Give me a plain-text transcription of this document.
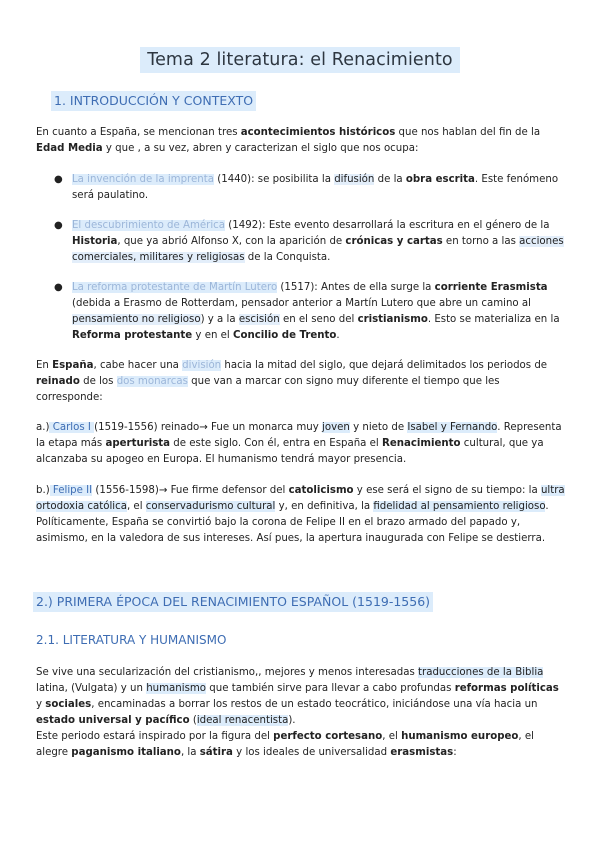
Tema 2 literatura: el Renacimiento
1. INTRODUCCIÓN Y CONTEXTO
En cuanto a España, se mencionan tres acontecimientos históricos que nos hablan del fin de la Edad Media y que , a su vez, abren y caracterizan el siglo que nos ocupa:
● La invención de la imprenta (1440): se posibilita la difusión de la obra escrita. Este fenómeno será paulatino.
● El descubrimiento de América (1492): Este evento desarrollará la escritura en el género de la Historia, que ya abrió Alfonso X, con la aparición de crónicas y cartas en torno a las acciones comerciales, militares y religiosas de la Conquista.
● La reforma protestante de Martín Lutero (1517): Antes de ella surge la corriente Erasmista (debida a Erasmo de Rotterdam, pensador anterior a Martín Lutero que abre un camino al pensamiento no religioso) y a la escisión en el seno del cristianismo. Esto se materializa en la Reforma protestante y en el Concilio de Trento.
En España, cabe hacer una división hacia la mitad del siglo, que dejará delimitados los periodos de reinado de los dos monarcas que van a marcar con signo muy diferente el tiempo que les corresponde:
a.) Carlos I (1519-1556) reinado→ Fue un monarca muy joven y nieto de Isabel y Fernando. Representa la etapa más aperturista de este siglo. Con él, entra en España el Renacimiento cultural, que ya alcanzaba su apogeo en Europa. El humanismo tendrá mayor presencia.
b.) Felipe II (1556-1598)→ Fue firme defensor del catolicismo y ese será el signo de su tiempo: la ultra ortodoxia católica, el conservadurismo cultural y, en definitiva, la fidelidad al pensamiento religioso. Políticamente, España se convirtió bajo la corona de Felipe II en el brazo armado del papado y, asimismo, en la valedora de sus intereses. Así pues, la apertura inaugurada con Felipe se destierra.
2.) PRIMERA ÉPOCA DEL RENACIMIENTO ESPAÑOL (1519-1556)
2.1. LITERATURA Y HUMANISMO
Se vive una secularización del cristianismo,, mejores y menos interesadas traducciones de la Biblia latina, (Vulgata) y un humanismo que también sirve para llevar a cabo profundas reformas políticas y sociales, encaminadas a borrar los restos de un estado teocrático, iniciándose una vía hacia un estado universal y pacífico (ideal renacentista).
Este periodo estará inspirado por la figura del perfecto cortesano, el humanismo europeo, el alegre paganismo italiano, la sátira y los ideales de universalidad erasmistas:
